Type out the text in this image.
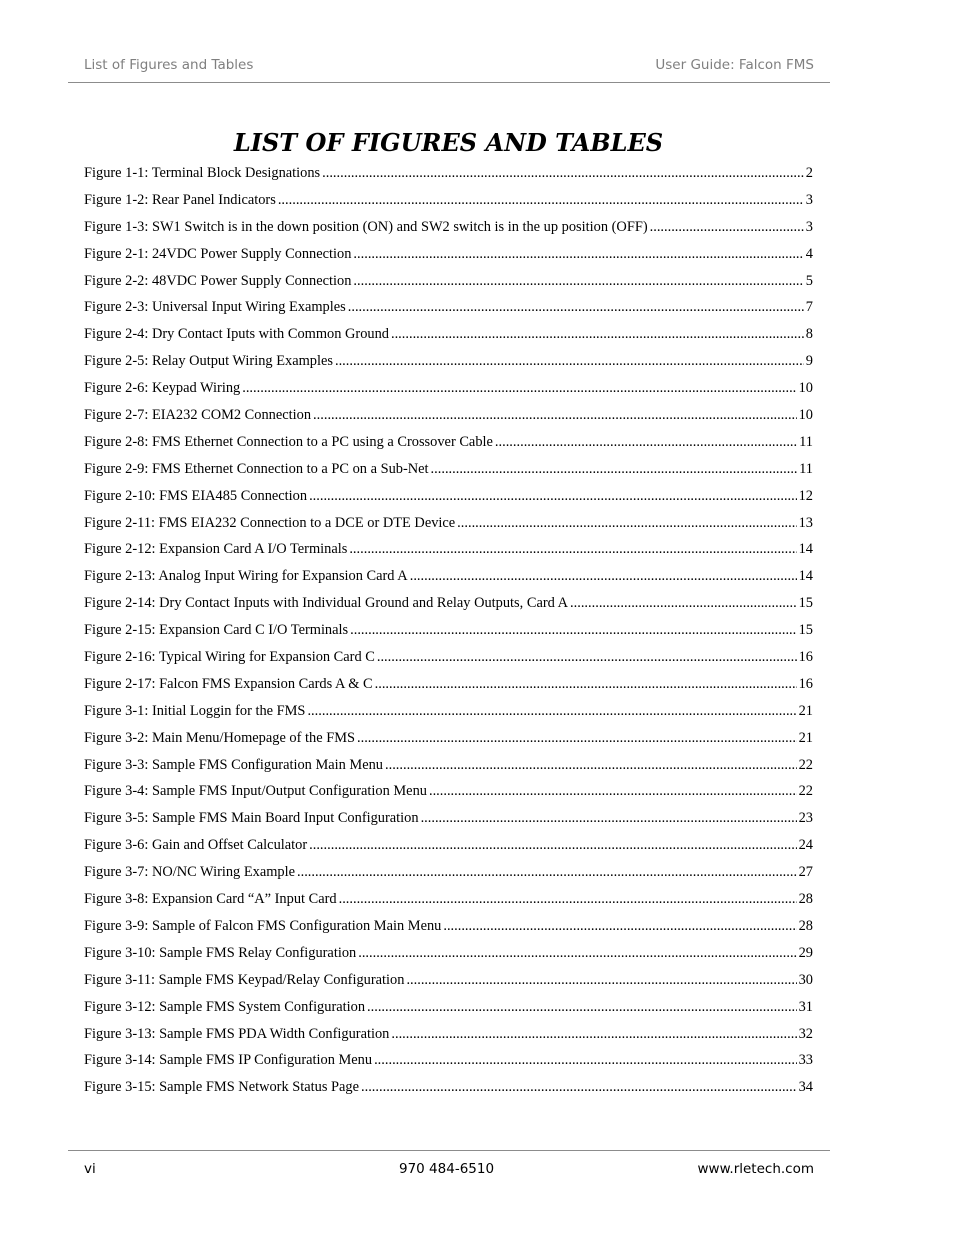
List of Figures and Tables	User Guide: Falcon FMS
LIST OF FIGURES AND TABLES
Figure 1-1: Terminal Block Designations .....	2
Figure 1-2: Rear Panel Indicators .....	3
Figure 1-3: SW1 Switch is in the down position (ON) and SW2 switch is in the up position (OFF) .....	3
Figure 2-1: 24VDC Power Supply Connection .....	4
Figure 2-2: 48VDC Power Supply Connection .....	5
Figure 2-3: Universal Input Wiring Examples .....	7
Figure 2-4: Dry Contact Iputs with Common Ground .....	8
Figure 2-5: Relay Output Wiring Examples .....	9
Figure 2-6: Keypad Wiring .....	10
Figure 2-7: EIA232 COM2 Connection .....	10
Figure 2-8: FMS Ethernet Connection to a PC using a Crossover Cable .....	11
Figure 2-9: FMS Ethernet Connection to a PC on a Sub-Net .....	11
Figure 2-10: FMS EIA485 Connection .....	12
Figure 2-11: FMS EIA232 Connection to a DCE or DTE Device .....	13
Figure 2-12: Expansion Card A I/O Terminals .....	14
Figure 2-13: Analog Input Wiring for Expansion Card A .....	14
Figure 2-14: Dry Contact Inputs with Individual Ground and Relay Outputs, Card A .....	15
Figure 2-15: Expansion Card C I/O Terminals .....	15
Figure 2-16: Typical Wiring for Expansion Card C .....	16
Figure 2-17: Falcon FMS Expansion Cards A & C .....	16
Figure 3-1: Initial Loggin for the FMS .....	21
Figure 3-2: Main Menu/Homepage of the FMS .....	21
Figure 3-3: Sample FMS Configuration Main Menu .....	22
Figure 3-4: Sample FMS Input/Output Configuration Menu .....	22
Figure 3-5: Sample FMS Main Board Input Configuration .....	23
Figure 3-6: Gain and Offset Calculator .....	24
Figure 3-7: NO/NC Wiring Example .....	27
Figure 3-8: Expansion Card “A” Input Card .....	28
Figure 3-9: Sample of Falcon FMS Configuration Main Menu .....	28
Figure 3-10: Sample FMS Relay Configuration .....	29
Figure 3-11: Sample FMS Keypad/Relay Configuration .....	30
Figure 3-12: Sample FMS System Configuration .....	31
Figure 3-13: Sample FMS PDA Width Configuration .....	32
Figure 3-14: Sample FMS IP Configuration Menu .....	33
Figure 3-15: Sample FMS Network Status Page .....	34
vi	970 484-6510	www.rletech.com
